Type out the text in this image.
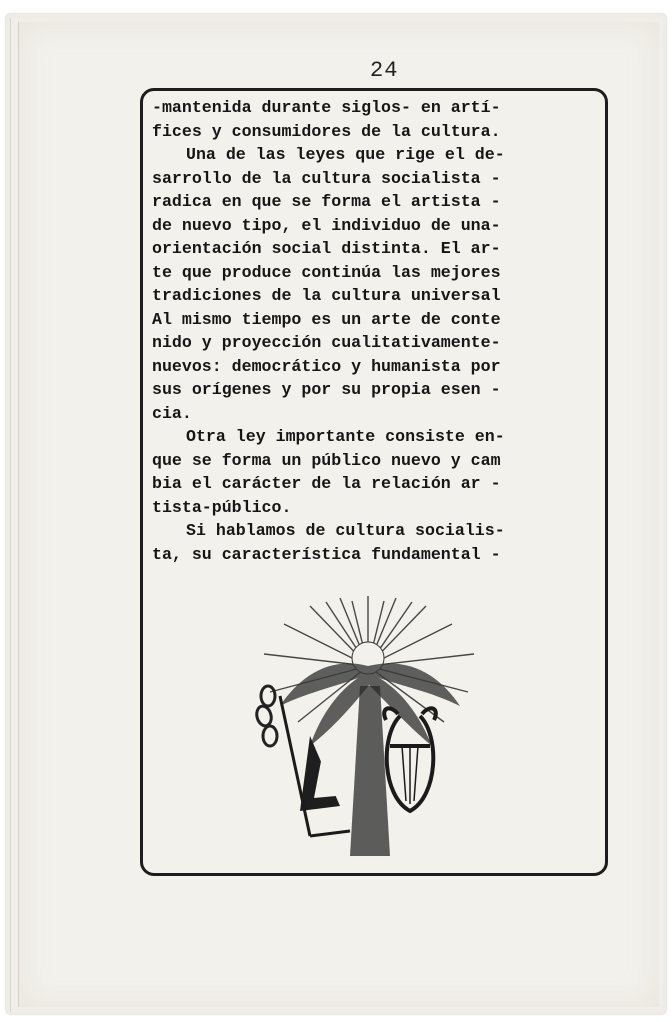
24
-mantenida durante siglos- en artí-
fices y consumidores de la cultura.
Una de las leyes que rige el de-
sarrollo de la cultura socialista -
radica en que se forma el artista -
de nuevo tipo, el individuo de una-
orientación social distinta. El ar-
te que produce continúa las mejores
tradiciones de la cultura universal
Al mismo tiempo es un arte de conte
nido y proyección cualitativamente-
nuevos: democrático y humanista por
sus orígenes y por su propia esen -
cia.
Otra ley importante consiste en-
que se forma un público nuevo y cam
bia el carácter de la relación ar -
tista-público.
Si hablamos de cultura socialis-
ta, su característica fundamental -
